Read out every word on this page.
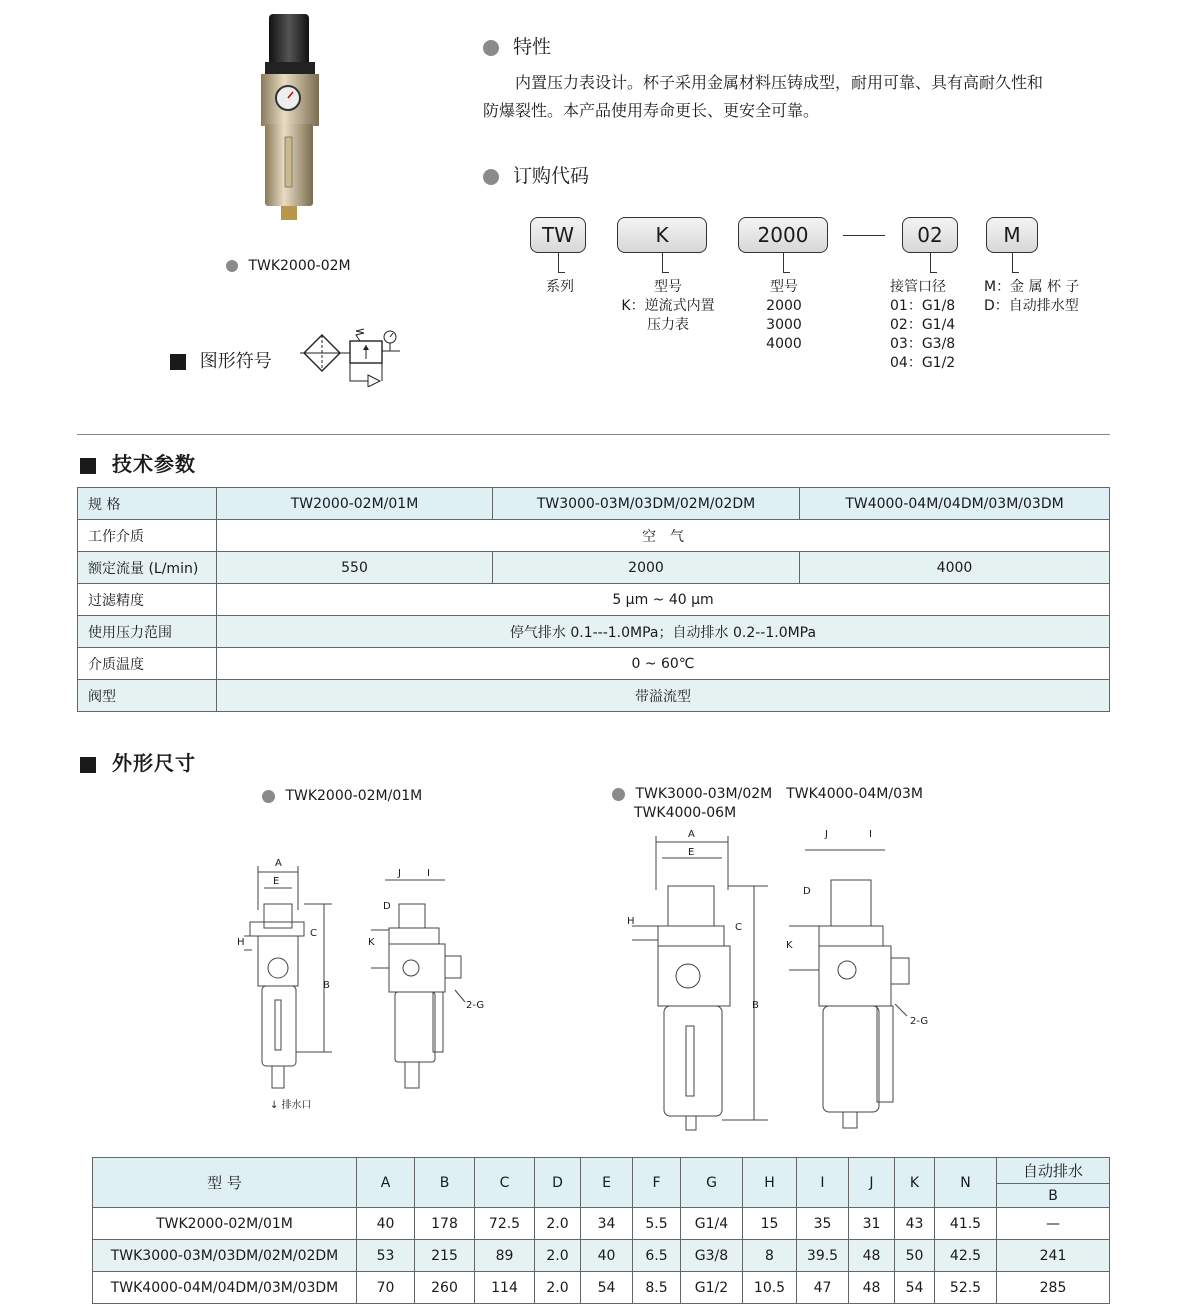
TWK2000-02M
图形符号
特性
内置压力表设计。杯子采用金属材料压铸成型，耐用可靠、具有高耐久性和
防爆裂性。本产品使用寿命更长、更安全可靠。
订购代码
TW	K	2000	02	M
系列	型号
K：逆流式内置
压力表
型号
2000
3000
4000
接管口径
01：G1/8
02：G1/4
03：G3/8
04：G1/2
M：金 属 杯 子
D：自动排水型
技术参数
规 格	TW2000-02M/01M	TW3000-03M/03DM/02M/02DM	TW4000-04M/04DM/03M/03DM
工作介质	空　气		
额定流量 (L/min)	550	2000	4000
过滤精度	5 μm ~ 40 μm		
使用压力范围	停气排水 0.1---1.0MPa；自动排水 0.2--1.0MPa		
介质温度	0 ~ 60℃		
阀型	带溢流型		
外形尺寸
TWK2000-02M/01M	TWK3000-03M/02M　TWK4000-04M/03M
TWK4000-06M
A
E
H
C
B
↓ 排水口
J	I
D
K
2-G
A
E
H
C
B
J	I
D
K
2-G
型 号	A	B	C	D	E	F	G	H	I	J	K	N	自动排水
													B
TWK2000-02M/01M	40	178	72.5	2.0	34	5.5	G1/4	15	35	31	43	41.5	—
TWK3000-03M/03DM/02M/02DM	53	215	89	2.0	40	6.5	G3/8	8	39.5	48	50	42.5	241
TWK4000-04M/04DM/03M/03DM	70	260	114	2.0	54	8.5	G1/2	10.5	47	48	54	52.5	285
